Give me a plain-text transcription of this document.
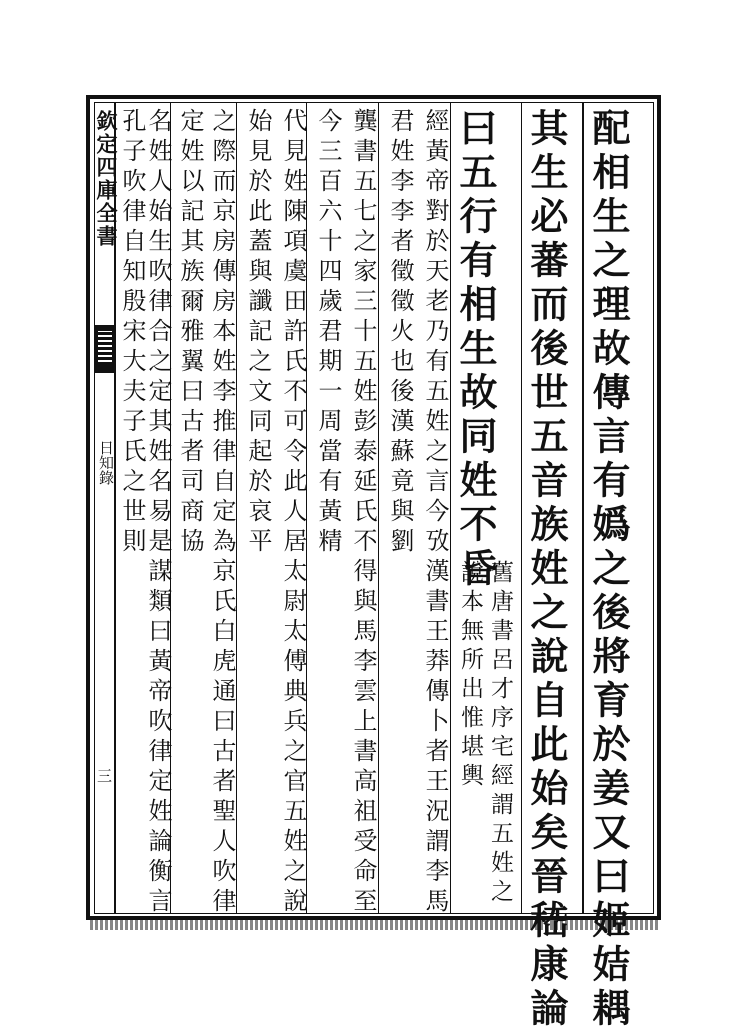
欽定四庫全書
日知錄
三	配相生之理故傳言有嬀之後將育於姜又曰姬姞耦
其生必蕃而後世五音族姓之說自此始矣晉嵇康論
曰五行有相生故同姓不昏
舊唐書呂才序宅經謂五姓之說本無所出惟堪輿
經黃帝對於天老乃有五姓之言今攷漢書王莽傳卜者王況謂李馬君姓李李者徵徵火也後漢蘇竟與劉
龔書五七之家三十五姓彭泰延氏不得與馬李雲上書高祖受命至今三百六十四歲君期一周當有黃精
代見姓陳項虞田許氏不可令此人居太尉太傅典兵之官五姓之說始見於此蓋與讖記之文同起於哀平
之際而京房傳房本姓李推律自定為京氏白虎通曰古者聖人吹律定姓以記其族爾雅翼曰古者司商協
名姓人始生吹律合之定其姓名易是謀類曰黃帝吹律定姓論衡言孔子吹律自知殷宋大夫子氏之世則
